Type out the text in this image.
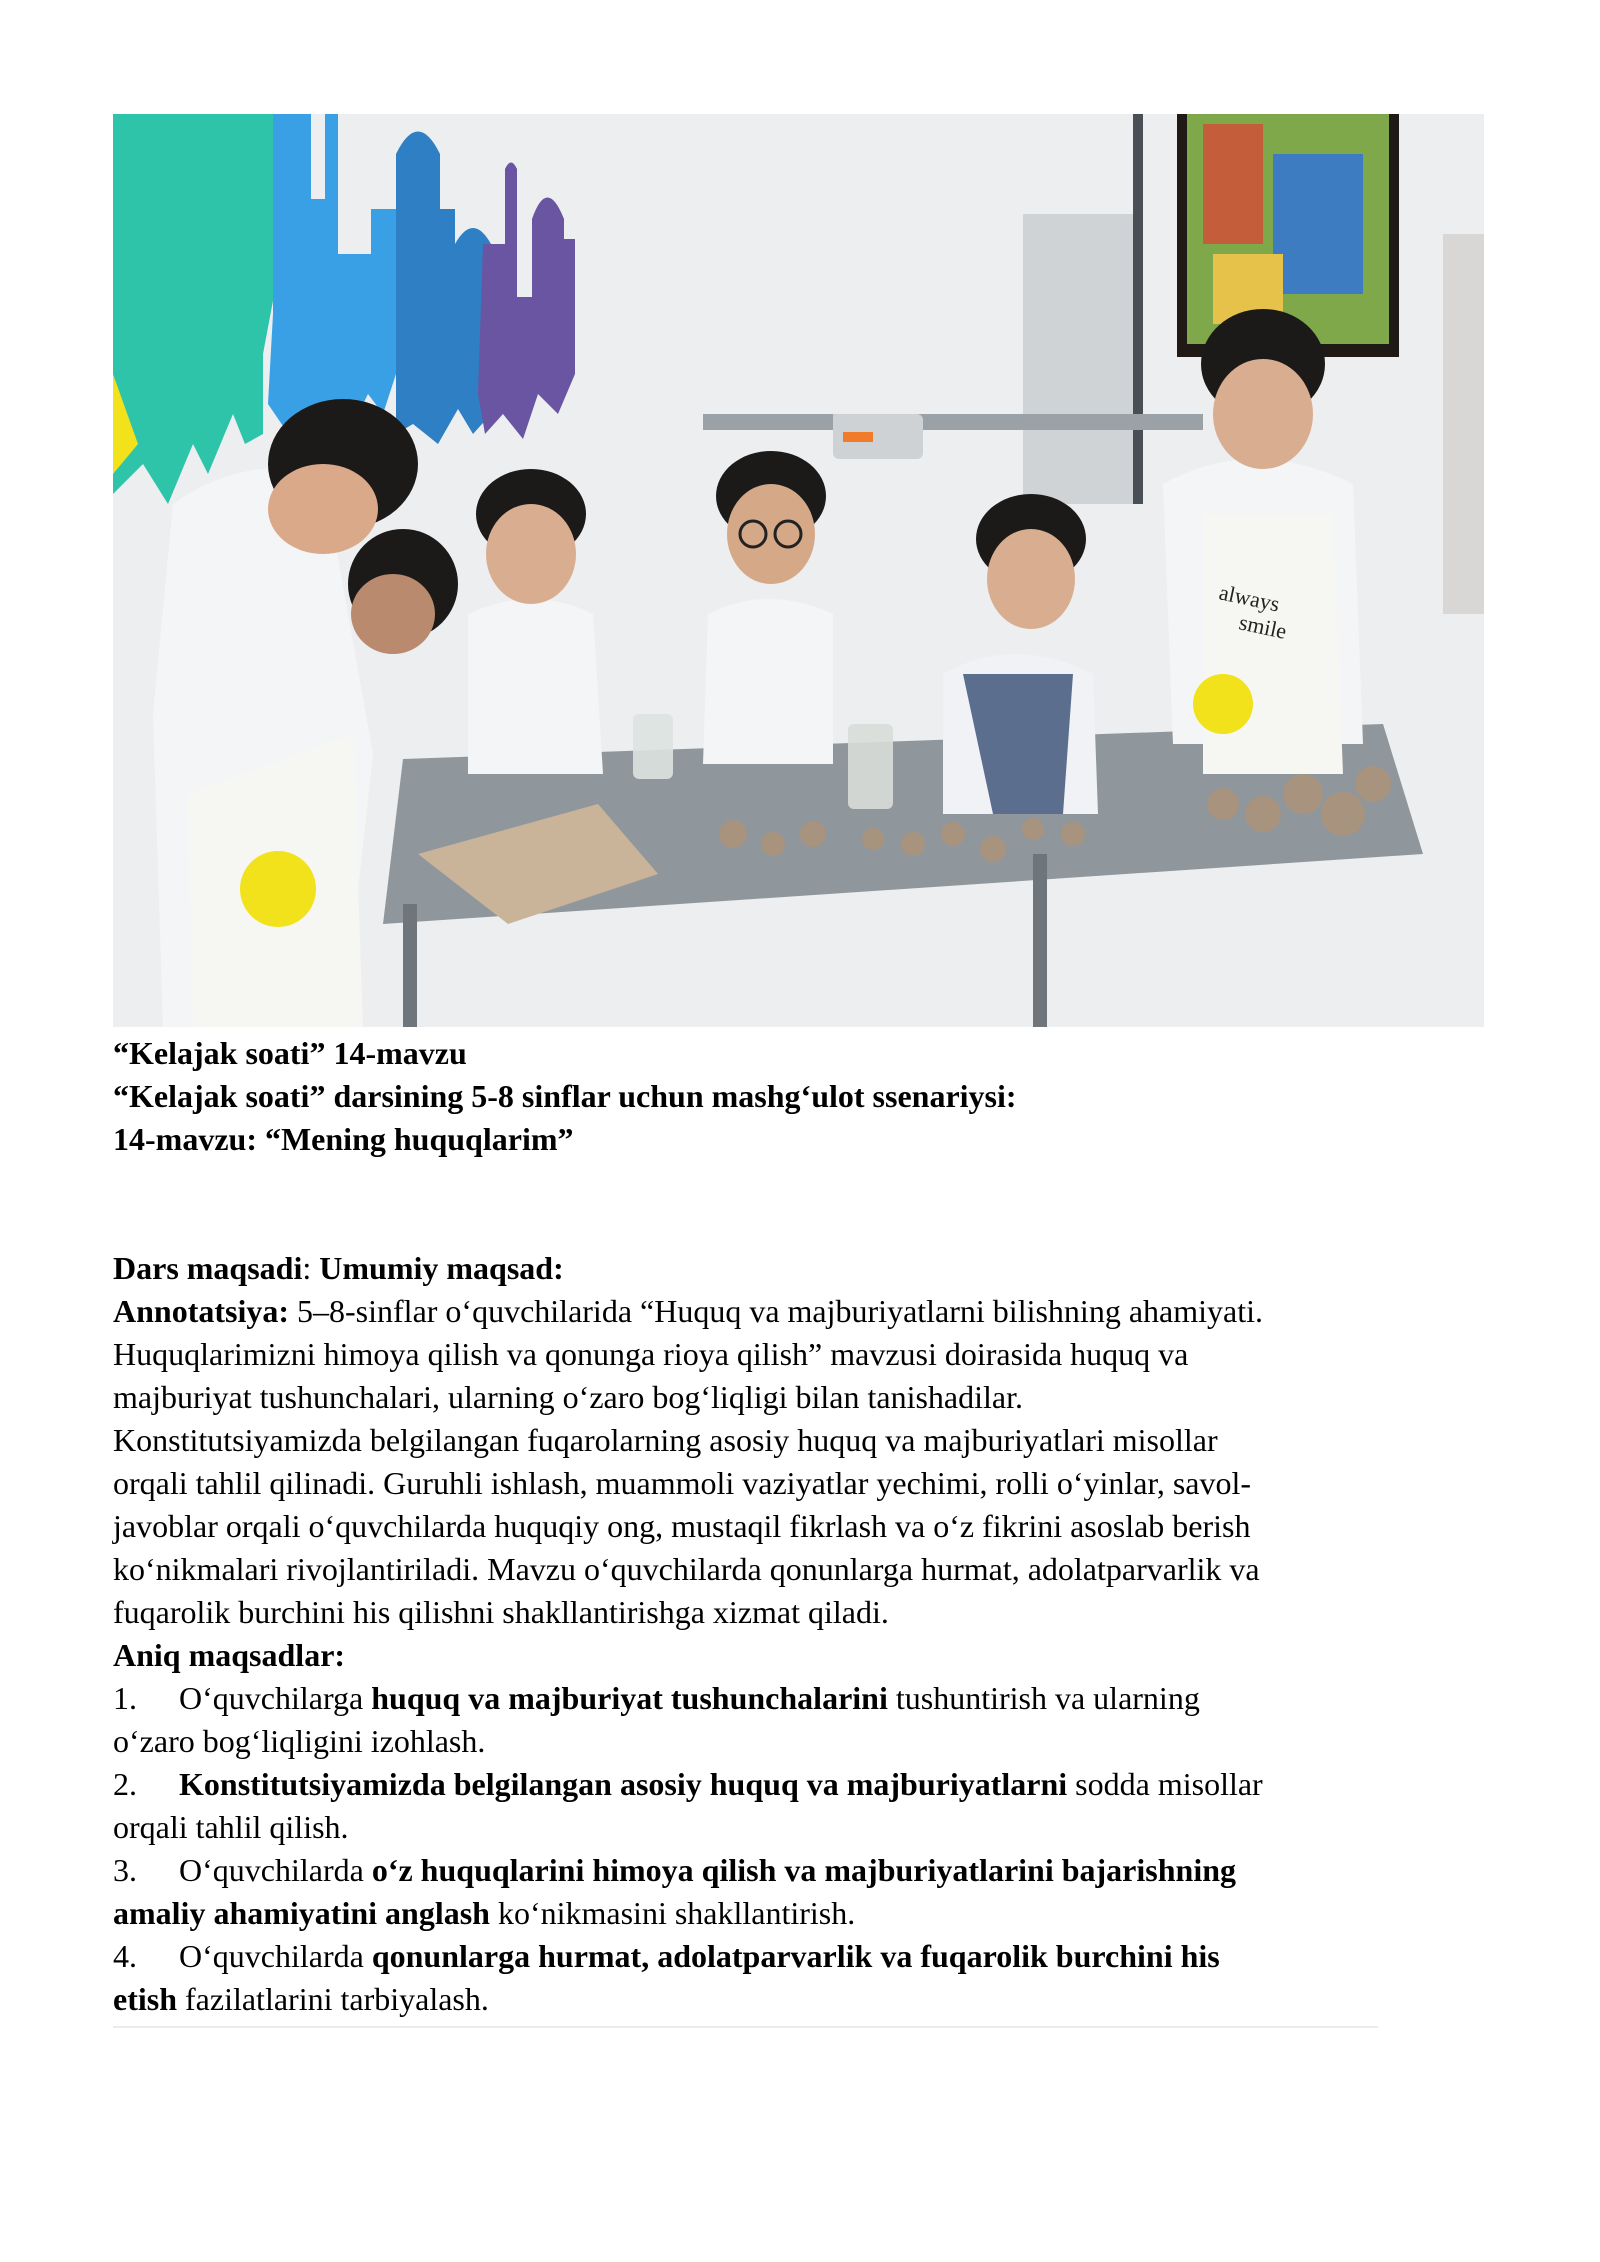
always
smile
“Kelajak soati” 14-mavzu
“Kelajak soati” darsining 5-8 sinflar uchun mashg‘ulot ssenariysi:
14-mavzu: “Mening huquqlarim”
Dars maqsadi: Umumiy maqsad:
Annotatsiya: 5–8-sinflar o‘quvchilarida “Huquq va majburiyatlarni bilishning ahamiyati.
Huquqlarimizni himoya qilish va qonunga rioya qilish” mavzusi doirasida huquq va
majburiyat tushunchalari, ularning o‘zaro bog‘liqligi bilan tanishadilar.
Konstitutsiyamizda belgilangan fuqarolarning asosiy huquq va majburiyatlari misollar
orqali tahlil qilinadi. Guruhli ishlash, muammoli vaziyatlar yechimi, rolli o‘yinlar, savol-
javoblar orqali o‘quvchilarda huquqiy ong, mustaqil fikrlash va o‘z fikrini asoslab berish
ko‘nikmalari rivojlantiriladi. Mavzu o‘quvchilarda qonunlarga hurmat, adolatparvarlik va
fuqarolik burchini his qilishni shakllantirishga xizmat qiladi.
Aniq maqsadlar:
1. O‘quvchilarga huquq va majburiyat tushunchalarini tushuntirish va ularning
o‘zaro bog‘liqligini izohlash.
2. Konstitutsiyamizda belgilangan asosiy huquq va majburiyatlarni sodda misollar
orqali tahlil qilish.
3. O‘quvchilarda o‘z huquqlarini himoya qilish va majburiyatlarini bajarishning
amaliy ahamiyatini anglash ko‘nikmasini shakllantirish.
4. O‘quvchilarda qonunlarga hurmat, adolatparvarlik va fuqarolik burchini his
etish fazilatlarini tarbiyalash.
